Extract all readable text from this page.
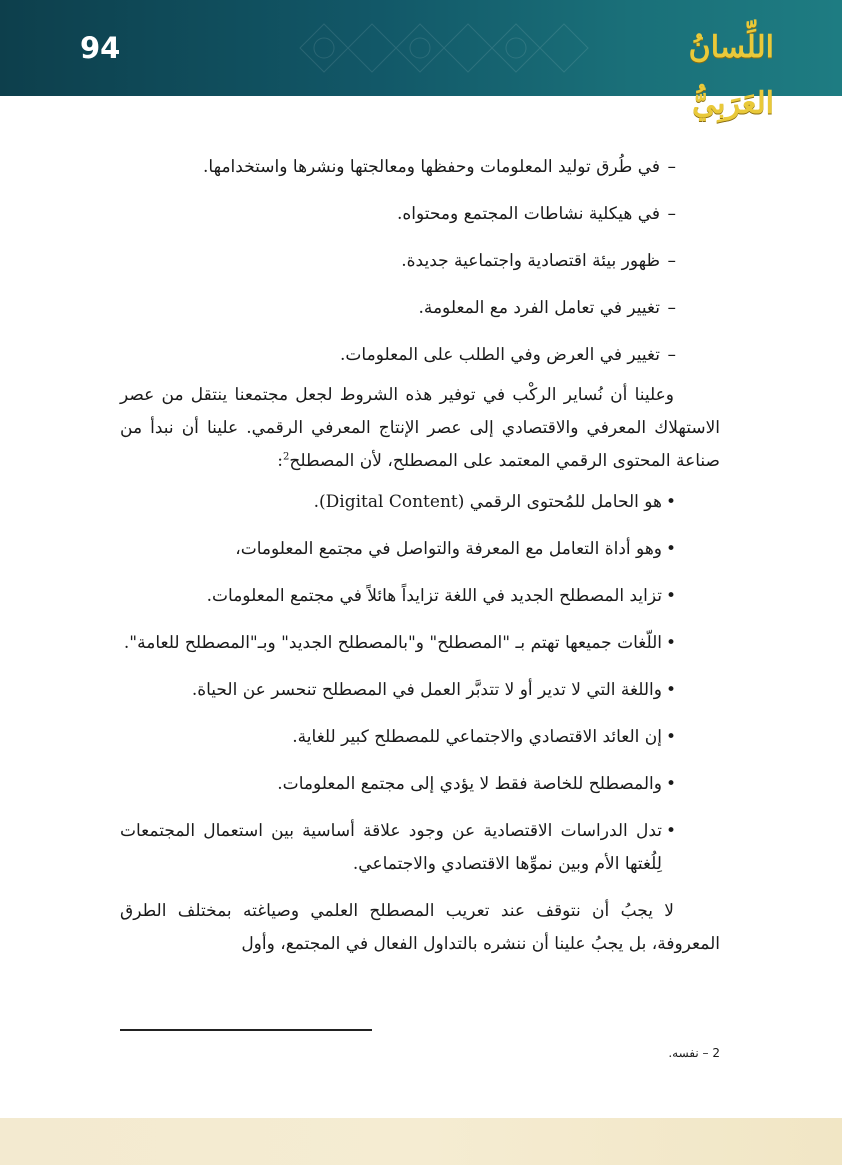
94	اللِّسانُ العَرَبِيُّ
–
في طُرق توليد المعلومات وحفظها ومعالجتها ونشرها واستخدامها.
–
في هيكلية نشاطات المجتمع ومحتواه.
–
ظهور بيئة اقتصادية واجتماعية جديدة.
–
تغيير في تعامل الفرد مع المعلومة.
–
تغيير في العرض وفي الطلب على المعلومات.

وعلينا أن نُساير الركْب في توفير هذه الشروط لجعل مجتمعنا ينتقل من عصر الاستهلاك المعرفي والاقتصادي إلى عصر الإنتاج المعرفي الرقمي. علينا أن نبدأ من صناعة المحتوى الرقمي المعتمد على المصطلح، لأن المصطلح$^2$:

•
هو الحامل للمُحتوى الرقمي (Digital Content).
•
وهو أداة التعامل مع المعرفة والتواصل في مجتمع المعلومات،
•
تزايد المصطلح الجديد في اللغة تزايداً هائلاً في مجتمع المعلومات.
•
اللّغات جميعها تهتم بـ "المصطلح" و"بالمصطلح الجديد" وبـ"المصطلح للعامة".
•
واللغة التي لا تدير أو لا تتدبَّر العمل في المصطلح تنحسر عن الحياة.
•
إن العائد الاقتصادي والاجتماعي للمصطلح كبير للغاية.
•
والمصطلح للخاصة فقط لا يؤدي إلى مجتمع المعلومات.
•
تدل الدراسات الاقتصادية عن وجود علاقة أساسية بين استعمال المجتمعات لِلُغتها الأم وبين نموِّها الاقتصادي والاجتماعي.

لا يجبُ أن نتوقف عند تعريب المصطلح العلمي وصياغته بمختلف الطرق المعروفة، بل يجبُ علينا أن ننشره بالتداول الفعال في المجتمع، وأول

2 – نفسه.
